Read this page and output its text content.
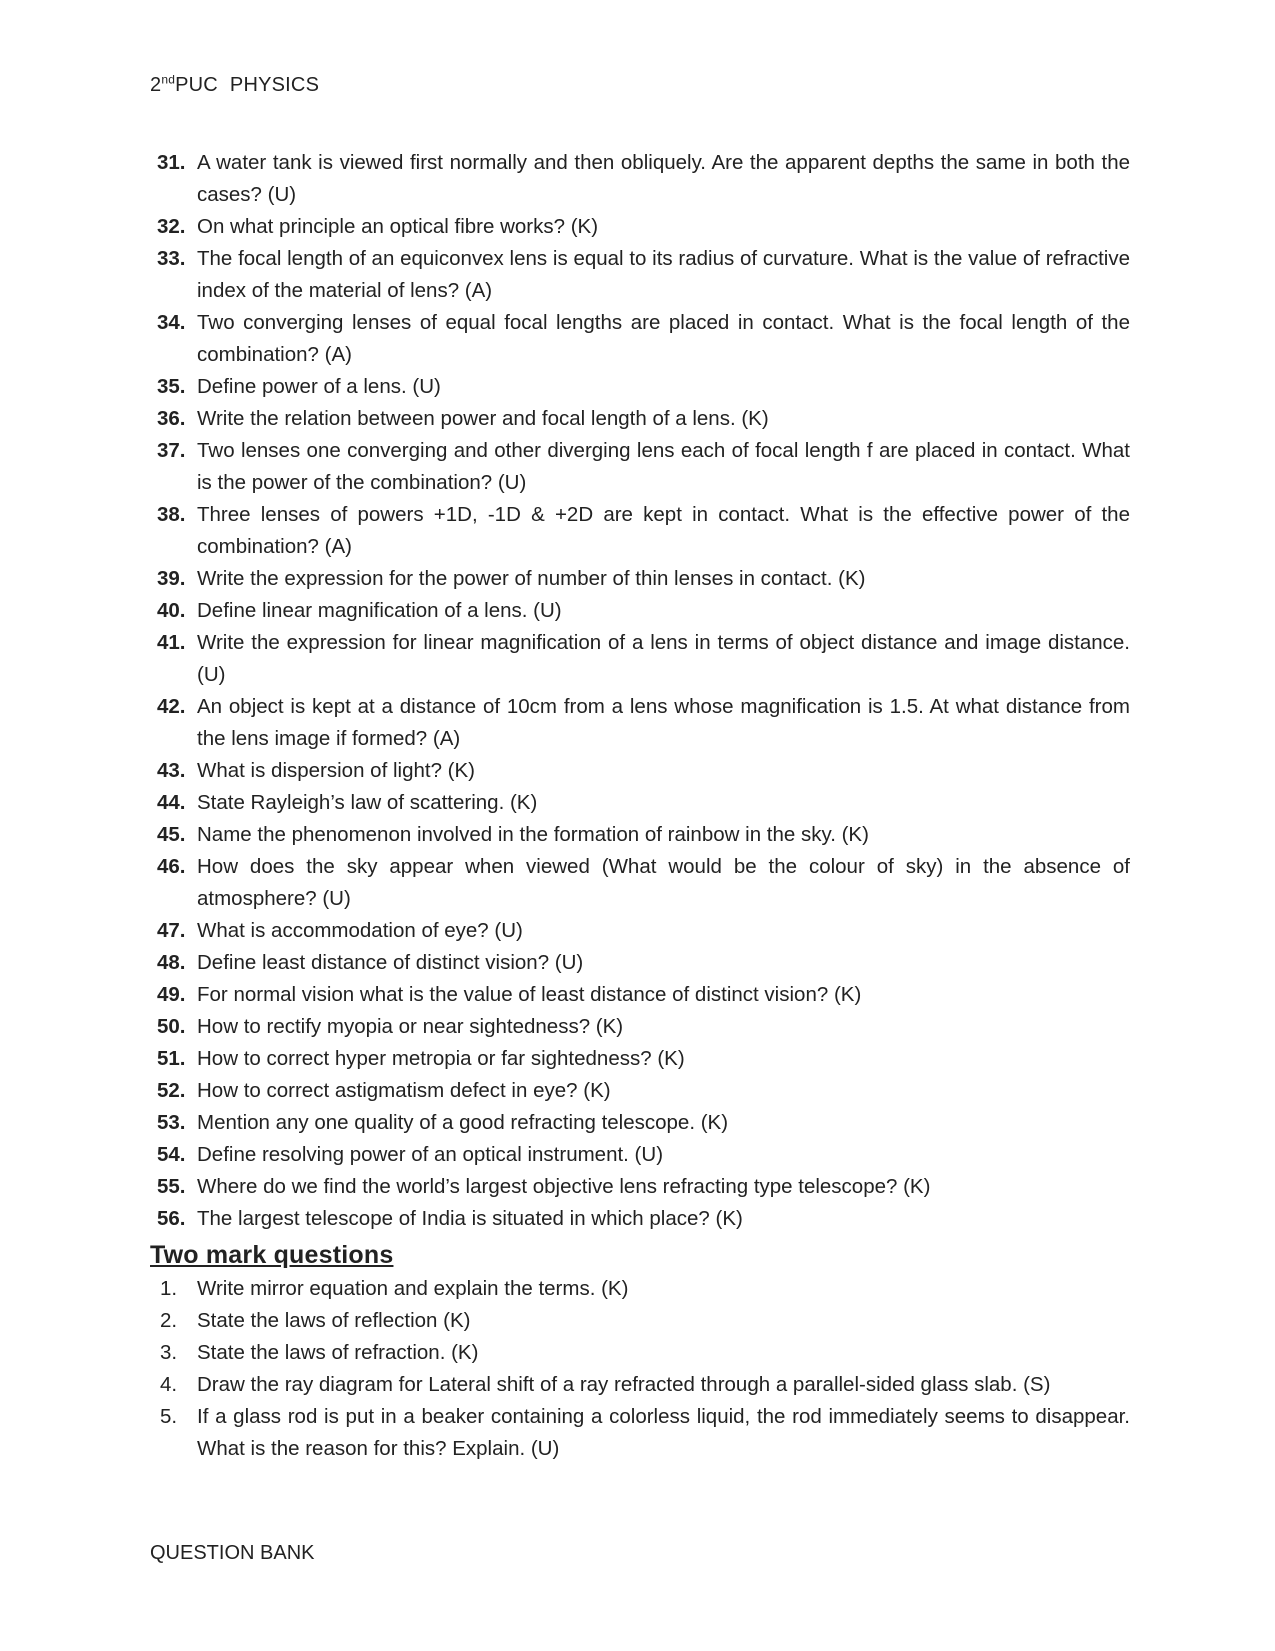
2ndPUC PHYSICS
31. A water tank is viewed first normally and then obliquely. Are the apparent depths the same in both the cases? (U)
32. On what principle an optical fibre works? (K)
33. The focal length of an equiconvex lens is equal to its radius of curvature. What is the value of refractive index of the material of lens? (A)
34. Two converging lenses of equal focal lengths are placed in contact. What is the focal length of the combination? (A)
35. Define power of a lens. (U)
36. Write the relation between power and focal length of a lens. (K)
37. Two lenses one converging and other diverging lens each of focal length f are placed in contact. What is the power of the combination? (U)
38. Three lenses of powers +1D, -1D & +2D are kept in contact. What is the effective power of the combination? (A)
39. Write the expression for the power of number of thin lenses in contact. (K)
40. Define linear magnification of a lens. (U)
41. Write the expression for linear magnification of a lens in terms of object distance and image distance. (U)
42. An object is kept at a distance of 10cm from a lens whose magnification is 1.5. At what distance from the lens image if formed? (A)
43. What is dispersion of light? (K)
44. State Rayleigh’s law of scattering. (K)
45. Name the phenomenon involved in the formation of rainbow in the sky. (K)
46. How does the sky appear when viewed (What would be the colour of sky) in the absence of atmosphere? (U)
47. What is accommodation of eye? (U)
48. Define least distance of distinct vision? (U)
49. For normal vision what is the value of least distance of distinct vision? (K)
50. How to rectify myopia or near sightedness? (K)
51. How to correct hyper metropia or far sightedness? (K)
52. How to correct astigmatism defect in eye? (K)
53. Mention any one quality of a good refracting telescope. (K)
54. Define resolving power of an optical instrument. (U)
55. Where do we find the world’s largest objective lens refracting type telescope? (K)
56. The largest telescope of India is situated in which place? (K)
Two mark questions
1. Write mirror equation and explain the terms. (K)
2. State the laws of reflection (K)
3. State the laws of refraction. (K)
4. Draw the ray diagram for Lateral shift of a ray refracted through a parallel-sided glass slab. (S)
5. If a glass rod is put in a beaker containing a colorless liquid, the rod immediately seems to disappear. What is the reason for this? Explain. (U)
QUESTION BANK
